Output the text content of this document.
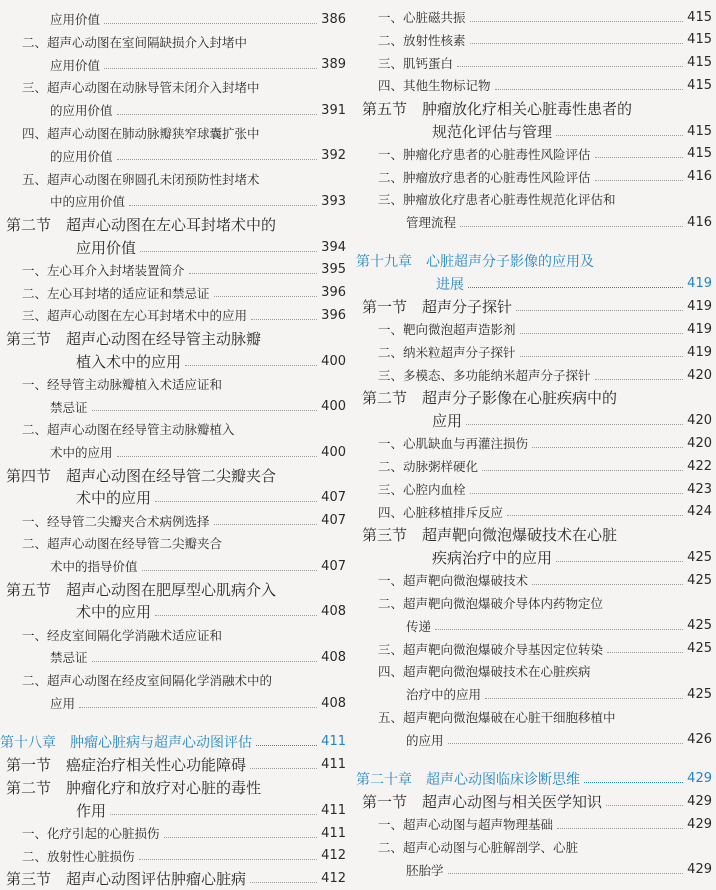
应用价值	386
二、超声心动图在室间隔缺损介入封堵中
应用价值	389
三、超声心动图在动脉导管未闭介入封堵中
的应用价值	391
四、超声心动图在肺动脉瓣狭窄球囊扩张中
的应用价值	392
五、超声心动图在卵圆孔未闭预防性封堵术
中的应用价值	393
第二节　超声心动图在左心耳封堵术中的
应用价值	394
一、左心耳介入封堵装置简介	395
二、左心耳封堵的适应证和禁忌证	396
三、超声心动图在左心耳封堵术中的应用	396
第三节　超声心动图在经导管主动脉瓣
植入术中的应用	400
一、经导管主动脉瓣植入术适应证和
禁忌证	400
二、超声心动图在经导管主动脉瓣植入
术中的应用	400
第四节　超声心动图在经导管二尖瓣夹合
术中的应用	407
一、经导管二尖瓣夹合术病例选择	407
二、超声心动图在经导管二尖瓣夹合
术中的指导价值	407
第五节　超声心动图在肥厚型心肌病介入
术中的应用	408
一、经皮室间隔化学消融术适应证和
禁忌证	408
二、超声心动图在经皮室间隔化学消融术中的
应用	408
第十八章　肿瘤心脏病与超声心动图评估	411
第一节　癌症治疗相关性心功能障碍	411
第二节　肿瘤化疗和放疗对心脏的毒性
作用	411
一、化疗引起的心脏损伤	411
二、放射性心脏损伤	412
第三节　超声心动图评估肿瘤心脏病	412
一、心脏磁共振	415
二、放射性核素	415
三、肌钙蛋白	415
四、其他生物标记物	415
第五节　肿瘤放化疗相关心脏毒性患者的
规范化评估与管理	415
一、肿瘤化疗患者的心脏毒性风险评估	415
二、肿瘤放疗患者的心脏毒性风险评估	416
三、肿瘤放化疗患者心脏毒性规范化评估和
管理流程	416
第十九章　心脏超声分子影像的应用及
进展	419
第一节　超声分子探针	419
一、靶向微泡超声造影剂	419
二、纳米粒超声分子探针	419
三、多模态、多功能纳米超声分子探针	420
第二节　超声分子影像在心脏疾病中的
应用	420
一、心肌缺血与再灌注损伤	420
二、动脉粥样硬化	422
三、心腔内血栓	423
四、心脏移植排斥反应	424
第三节　超声靶向微泡爆破技术在心脏
疾病治疗中的应用	425
一、超声靶向微泡爆破技术	425
二、超声靶向微泡爆破介导体内药物定位
传递	425
三、超声靶向微泡爆破介导基因定位转染	425
四、超声靶向微泡爆破技术在心脏疾病
治疗中的应用	425
五、超声靶向微泡爆破在心脏干细胞移植中
的应用	426
第二十章　超声心动图临床诊断思维	429
第一节　超声心动图与相关医学知识	429
一、超声心动图与超声物理基础	429
二、超声心动图与心脏解剖学、心脏
胚胎学	429
